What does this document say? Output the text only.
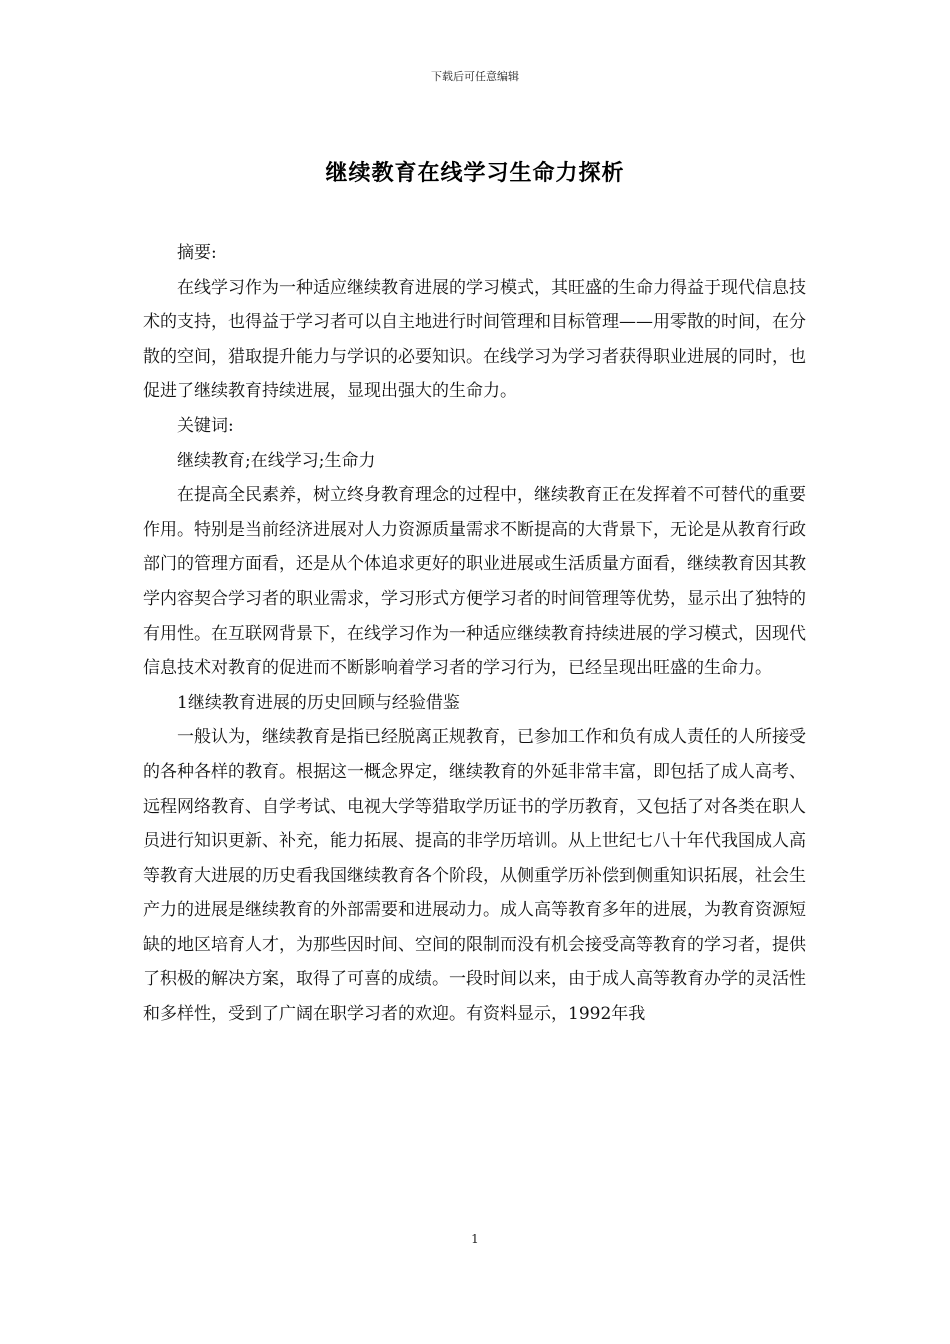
下载后可任意编辑
继续教育在线学习生命力探析

摘要:

在线学习作为一种适应继续教育进展的学习模式，其旺盛的生命力得益于现代信息技术的支持，也得益于学习者可以自主地进行时间管理和目标管理——用零散的时间，在分散的空间，猎取提升能力与学识的必要知识。在线学习为学习者获得职业进展的同时，也促进了继续教育持续进展，显现出强大的生命力。

关键词:

继续教育;在线学习;生命力

在提高全民素养，树立终身教育理念的过程中，继续教育正在发挥着不可替代的重要作用。特别是当前经济进展对人力资源质量需求不断提高的大背景下，无论是从教育行政部门的管理方面看，还是从个体追求更好的职业进展或生活质量方面看，继续教育因其教学内容契合学习者的职业需求，学习形式方便学习者的时间管理等优势，显示出了独特的有用性。在互联网背景下，在线学习作为一种适应继续教育持续进展的学习模式，因现代信息技术对教育的促进而不断影响着学习者的学习行为，已经呈现出旺盛的生命力。

1继续教育进展的历史回顾与经验借鉴

一般认为，继续教育是指已经脱离正规教育，已参加工作和负有成人责任的人所接受的各种各样的教育。根据这一概念界定，继续教育的外延非常丰富，即包括了成人高考、远程网络教育、自学考试、电视大学等猎取学历证书的学历教育，又包括了对各类在职人员进行知识更新、补充，能力拓展、提高的非学历培训。从上世纪七八十年代我国成人高等教育大进展的历史看我国继续教育各个阶段，从侧重学历补偿到侧重知识拓展，社会生产力的进展是继续教育的外部需要和进展动力。成人高等教育多年的进展，为教育资源短缺的地区培育人才，为那些因时间、空间的限制而没有机会接受高等教育的学习者，提供了积极的解决方案，取得了可喜的成绩。一段时间以来，由于成人高等教育办学的灵活性和多样性，受到了广阔在职学习者的欢迎。有资料显示，1992年我

1
